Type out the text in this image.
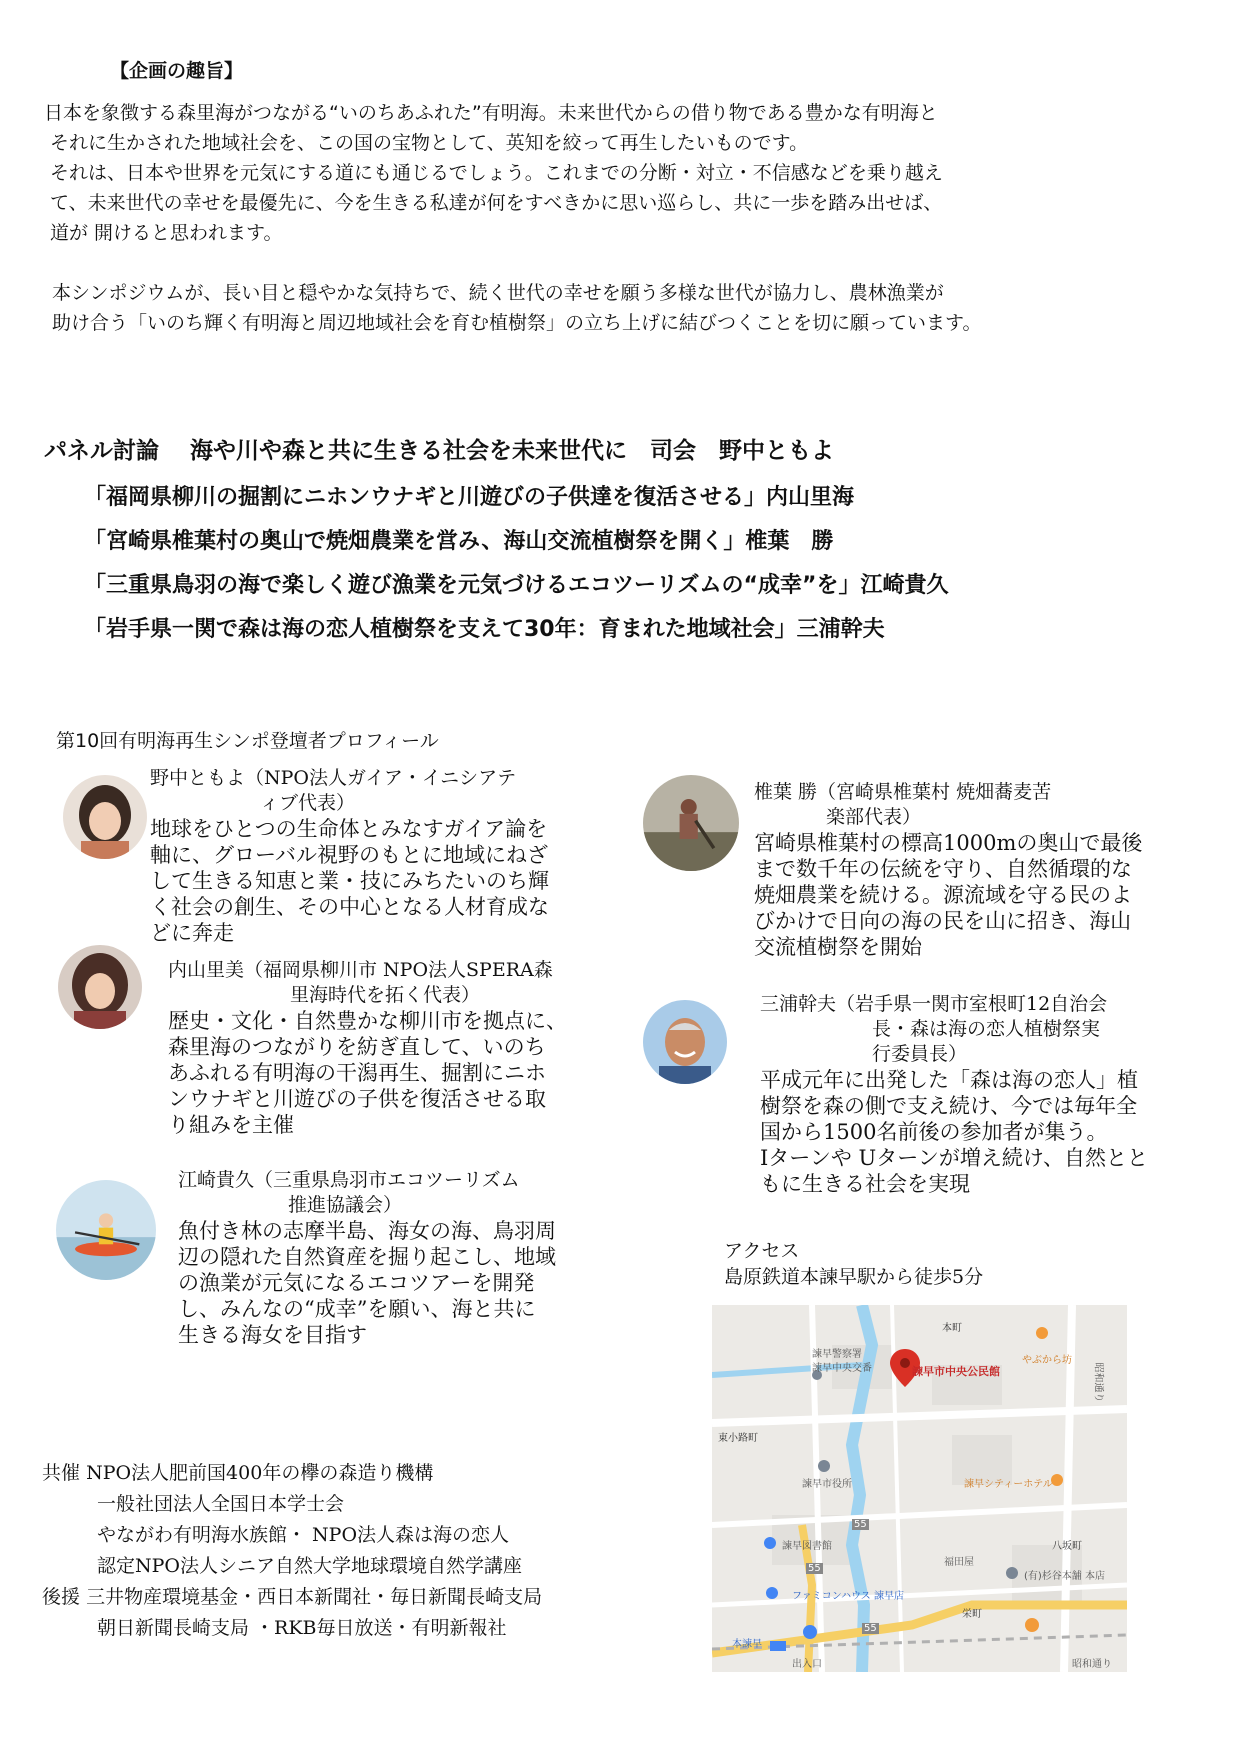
【企画の趣旨】

日本を象徴する森里海がつながる“いのちあふれた”有明海。未来世代からの借り物である豊かな有明海と

それに生かされた地域社会を、この国の宝物として、英知を絞って再生したいものです。

それは、日本や世界を元気にする道にも通じるでしょう。これまでの分断・対立・不信感などを乗り越え

て、未来世代の幸せを最優先に、今を生きる私達が何をすべきかに思い巡らし、共に一歩を踏み出せば、

道が 開けると思われます。

本シンポジウムが、長い目と穏やかな気持ちで、続く世代の幸せを願う多様な世代が協力し、農林漁業が

助け合う「いのち輝く有明海と周辺地域社会を育む植樹祭」の立ち上げに結びつくことを切に願っています。

パネル討論　 海や川や森と共に生きる社会を未来世代に　司会　野中ともよ
「福岡県柳川の掘割にニホンウナギと川遊びの子供達を復活させる」内山里海
「宮崎県椎葉村の奥山で焼畑農業を営み、海山交流植樹祭を開く」椎葉　勝
「三重県鳥羽の海で楽しく遊び漁業を元気づけるエコツーリズムの“成幸”を」江崎貴久
「岩手県一関で森は海の恋人植樹祭を支えて30年：育まれた地域社会」三浦幹夫
第10回有明海再生シンポ登壇者プロフィール
野中ともよ（NPO法人ガイア・イニシアテ
ィブ代表）
地球をひとつの生命体とみなすガイア論を
軸に、グローバル視野のもとに地域にねざ
して生きる知恵と業・技にみちたいのち輝
く社会の創生、その中心となる人材育成な
どに奔走
内山里美（福岡県柳川市 NPO法人SPERA森
里海時代を拓く代表）
歴史・文化・自然豊かな柳川市を拠点に、
森里海のつながりを紡ぎ直して、いのち
あふれる有明海の干潟再生、掘割にニホ
ンウナギと川遊びの子供を復活させる取
り組みを主催
江崎貴久（三重県鳥羽市エコツーリズム
推進協議会）
魚付き林の志摩半島、海女の海、鳥羽周
辺の隠れた自然資産を掘り起こし、地域
の漁業が元気になるエコツアーを開発
し、みんなの“成幸”を願い、海と共に
生きる海女を目指す
椎葉 勝（宮崎県椎葉村 焼畑蕎麦苦
楽部代表）
宮崎県椎葉村の標高1000mの奥山で最後
まで数千年の伝統を守り、自然循環的な
焼畑農業を続ける。源流域を守る民のよ
びかけで日向の海の民を山に招き、海山
交流植樹祭を開始
三浦幹夫（岩手県一関市室根町12自治会
長・森は海の恋人植樹祭実
行委員長）
平成元年に出発した「森は海の恋人」植
樹祭を森の側で支え続け、今では毎年全
国から1500名前後の参加者が集う。
Iターンや Uターンが増え続け、自然とと
もに生きる社会を実現
アクセス
島原鉄道本諫早駅から徒歩5分
本町
諫早警察署
諫早中央交番
やぶから坊
諫早市中央公民館
東小路町
諫早市役所	諫早シティーホテル
諫早図書館
福田屋
八坂町
ファミコンハウス 諫早店
(有)杉谷本舗 本店
栄町
本諫早
出入口	昭和通り
昭和通り
55
55
55
共催 NPO法人肥前国400年の欅の森造り機構
一般社団法人全国日本学士会
やながわ有明海水族館・ NPO法人森は海の恋人
認定NPO法人シニア自然大学地球環境自然学講座
後援 三井物産環境基金・西日本新聞社・毎日新聞長崎支局
朝日新聞長崎支局 ・RKB毎日放送・有明新報社
